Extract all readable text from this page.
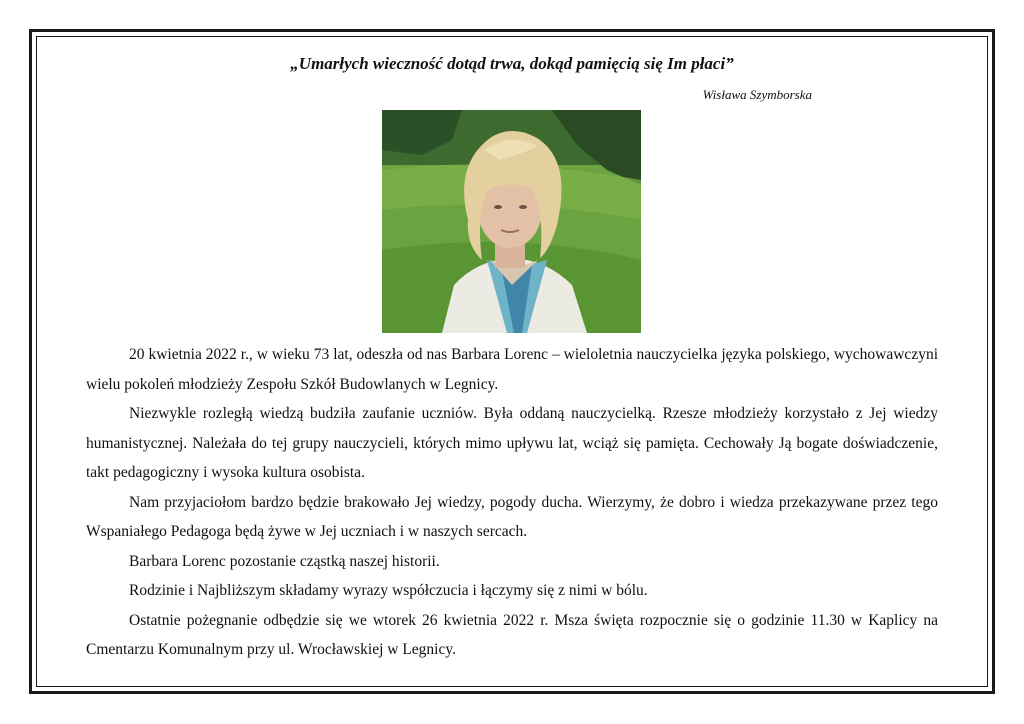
„Umarłych wieczność dotąd trwa, dokąd pamięcią się Im płaci”
Wisława Szymborska

20 kwietnia 2022 r., w wieku 73 lat, odeszła od nas Barbara Lorenc – wieloletnia nauczycielka języka polskiego, wychowawczyni wielu pokoleń młodzieży Zespołu Szkół Budowlanych w Legnicy.

Niezwykle rozległą wiedzą budziła zaufanie uczniów. Była oddaną nauczycielką. Rzesze młodzieży korzystało z Jej wiedzy humanistycznej. Należała do tej grupy nauczycieli, których mimo upływu lat, wciąż się pamięta. Cechowały Ją bogate doświadczenie, takt pedagogiczny i wysoka kultura osobista.

Nam przyjaciołom bardzo będzie brakowało Jej wiedzy, pogody ducha. Wierzymy, że dobro i wiedza przekazywane przez tego Wspaniałego Pedagoga będą żywe w Jej uczniach i w naszych sercach.

Barbara Lorenc pozostanie cząstką naszej historii.

Rodzinie i Najbliższym składamy wyrazy współczucia i łączymy się z nimi w bólu.

Ostatnie pożegnanie odbędzie się we wtorek 26 kwietnia 2022 r. Msza święta rozpocznie się o godzinie 11.30 w Kaplicy na Cmentarzu Komunalnym przy ul. Wrocławskiej w Legnicy.
